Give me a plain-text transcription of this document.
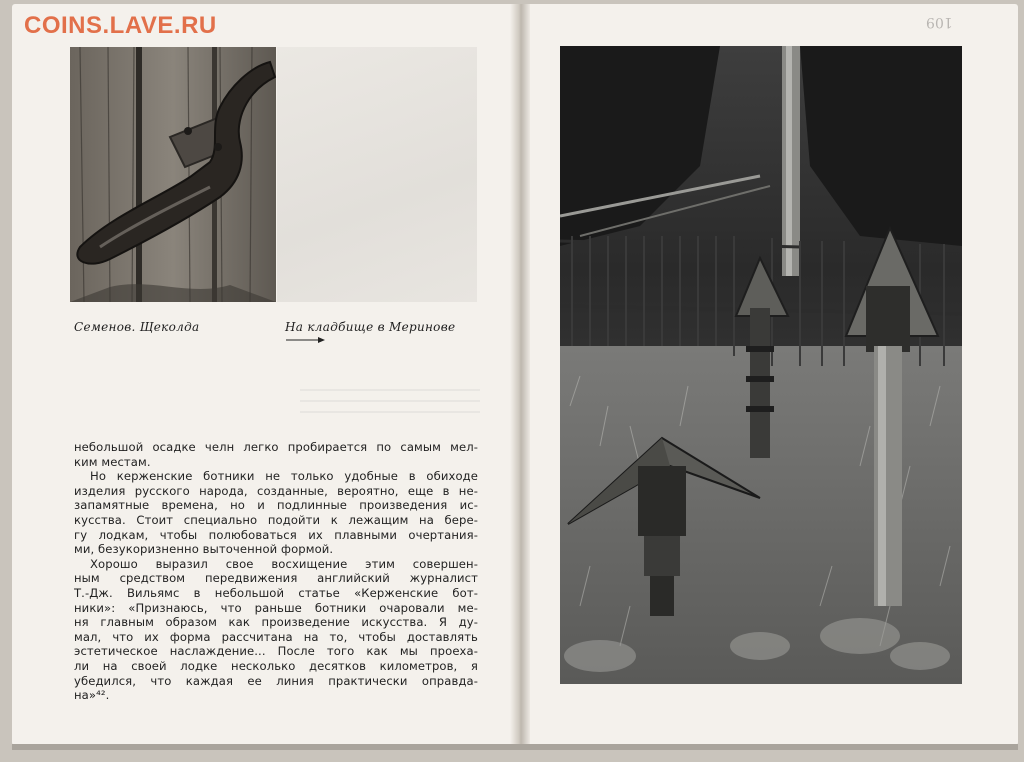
COINS.LAVE.RU	109
Семенов. Щеколда	На кладбище в Меринове
небольшой осадке челн легко пробирается по самым мел-
ким местам.
Но керженские ботники не только удобные в обиходе
изделия русского народа, созданные, вероятно, еще в не-
запамятные времена, но и подлинные произведения ис-
кусства. Стоит специально подойти к лежащим на бере-
гу лодкам, чтобы полюбоваться их плавными очертания-
ми, безукоризненно выточенной формой.
Хорошо выразил свое восхищение этим совершен-
ным средством передвижения английский журналист
Т.-Дж. Вильямс в небольшой статье «Керженские бот-
ники»: «Признаюсь, что раньше ботники очаровали ме-
ня главным образом как произведение искусства. Я ду-
мал, что их форма рассчитана на то, чтобы доставлять
эстетическое наслаждение... После того как мы проеха-
ли на своей лодке несколько десятков километров, я
убедился, что каждая ее линия практически оправда-
на»⁴².
